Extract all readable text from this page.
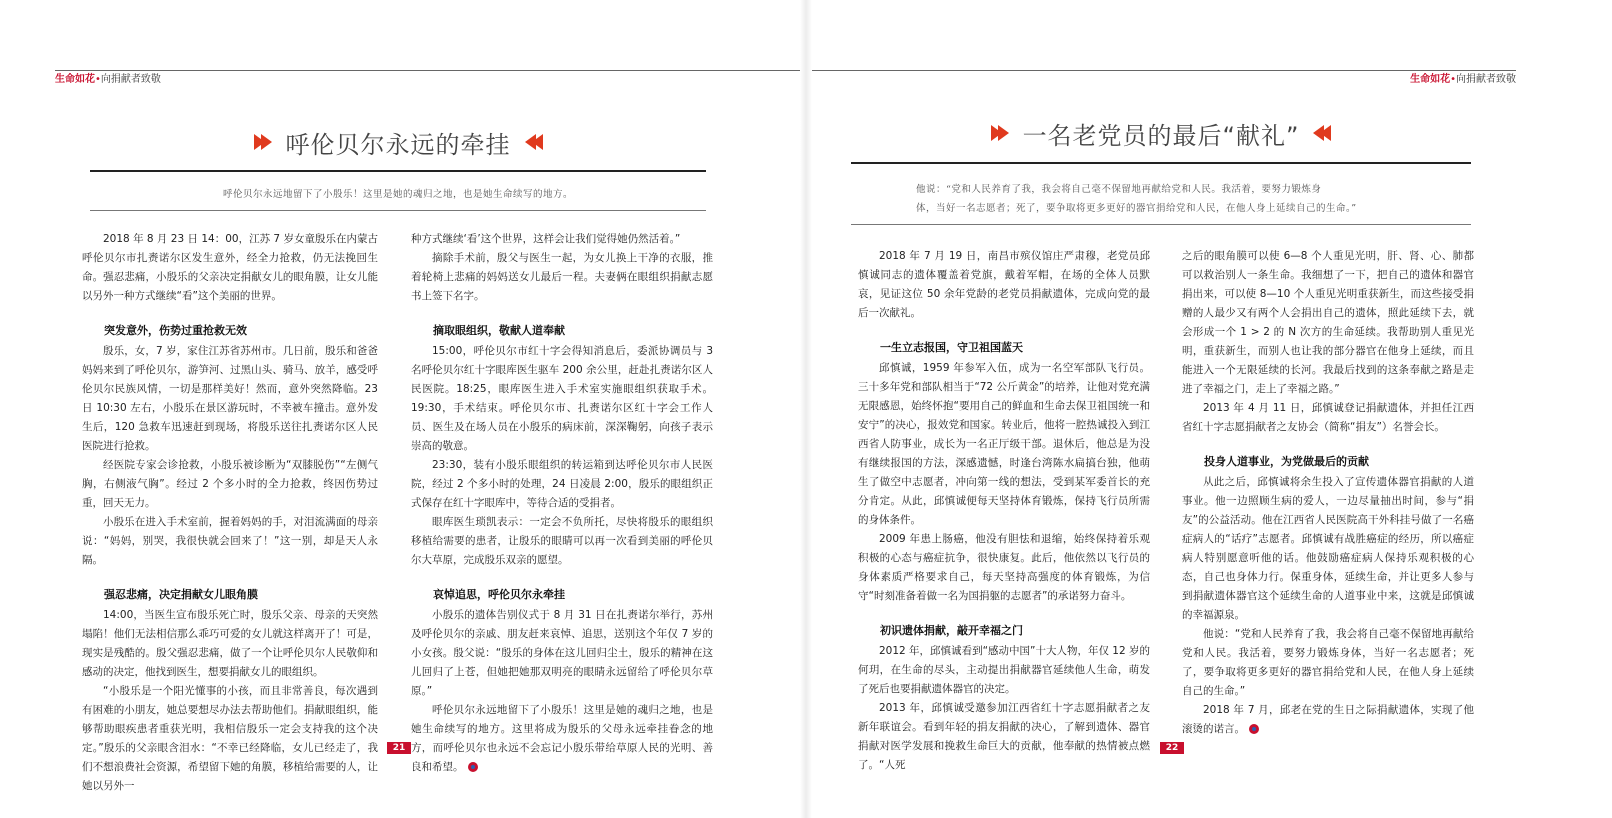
生命如花•向捐献者致敬
呼伦贝尔永远的牵挂
呼伦贝尔永远地留下了小殷乐！这里是她的魂归之地，也是她生命续写的地方。

2018 年 8 月 23 日 14：00，江苏 7 岁女童殷乐在内蒙古呼伦贝尔市扎赉诺尔区发生意外，经全力抢救，仍无法挽回生命。强忍悲痛，小殷乐的父亲决定捐献女儿的眼角膜，让女儿能以另外一种方式继续“看”这个美丽的世界。

突发意外，伤势过重抢救无效

殷乐，女，7 岁，家住江苏省苏州市。几日前，殷乐和爸爸妈妈来到了呼伦贝尔，游笋河、过黑山头、骑马、放羊，感受呼伦贝尔民族风情，一切是那样美好！然而，意外突然降临。23 日 10:30 左右，小殷乐在景区游玩时，不幸被车撞击。意外发生后，120 急救车迅速赶到现场，将殷乐送往扎赉诺尔区人民医院进行抢救。

经医院专家会诊抢救，小殷乐被诊断为“双膝脱伤”“左侧气胸，右侧液气胸”。经过 2 个多小时的全力抢救，终因伤势过重，回天无力。

小殷乐在进入手术室前，握着妈妈的手，对泪流满面的母亲说：“妈妈，别哭，我很快就会回来了！”这一别，却是天人永隔。

强忍悲痛，决定捐献女儿眼角膜

14:00，当医生宣布殷乐死亡时，殷乐父亲、母亲的天突然塌陷！他们无法相信那么乖巧可爱的女儿就这样离开了！可是，现实是残酷的。殷父强忍悲痛，做了一个让呼伦贝尔人民敬仰和感动的决定，他找到医生，想要捐献女儿的眼组织。

“小殷乐是一个阳光懂事的小孩，而且非常善良，每次遇到有困难的小朋友，她总要想尽办法去帮助他们。捐献眼组织，能够帮助眼疾患者重获光明，我相信殷乐一定会支持我的这个决定。”殷乐的父亲眼含泪水：“不幸已经降临，女儿已经走了，我们不想浪费社会资源，希望留下她的角膜，移植给需要的人，让她以另外一

种方式继续‘看’这个世界，这样会让我们觉得她仍然活着。”

摘除手术前，殷父与医生一起，为女儿换上干净的衣服，推着轮椅上悲痛的妈妈送女儿最后一程。夫妻俩在眼组织捐献志愿书上签下名字。

摘取眼组织，敬献人道奉献

15:00，呼伦贝尔市红十字会得知消息后，委派协调员与 3 名呼伦贝尔红十字眼库医生驱车 200 余公里，赶赴扎赉诺尔区人民医院。18:25，眼库医生进入手术室实施眼组织获取手术。19:30，手术结束。呼伦贝尔市、扎赉诺尔区红十字会工作人员、医生及在场人员在小殷乐的病床前，深深鞠躬，向孩子表示崇高的敬意。

23:30，装有小殷乐眼组织的转运箱到达呼伦贝尔市人民医院，经过 2 个多小时的处理，24 日凌晨 2:00，殷乐的眼组织正式保存在红十字眼库中，等待合适的受捐者。

眼库医生琐凯表示：一定会不负所托，尽快将殷乐的眼组织移植给需要的患者，让殷乐的眼睛可以再一次看到美丽的呼伦贝尔大草原，完成殷乐双亲的愿望。

哀悼追思，呼伦贝尔永牵挂

小殷乐的遗体告别仪式于 8 月 31 日在扎赉诺尔举行，苏州及呼伦贝尔的亲戚、朋友赶来哀悼、追思，送别这个年仅 7 岁的小女孩。殷父说：“殷乐的身体在这儿回归尘土，殷乐的精神在这儿回归了上苍，但她把她那双明亮的眼睛永远留给了呼伦贝尔草原。”

呼伦贝尔永远地留下了小殷乐！这里是她的魂归之地，也是她生命续写的地方。这里将成为殷乐的父母永远牵挂眷念的地方，而呼伦贝尔也永远不会忘记小殷乐带给草原人民的光明、善良和希望。

21
生命如花•向捐献者致敬
一名老党员的最后“献礼”
他说：“党和人民养育了我，我会将自己毫不保留地再献给党和人民。我活着，要努力锻炼身
体，当好一名志愿者；死了，要争取将更多更好的器官捐给党和人民，在他人身上延续自己的生命。”

2018 年 7 月 19 日，南昌市殡仪馆庄严肃穆，老党员邱慎诚同志的遗体覆盖着党旗，戴着军帽，在场的全体人员默哀，见证这位 50 余年党龄的老党员捐献遗体，完成向党的最后一次献礼。

一生立志报国，守卫祖国蓝天

邱慎诚，1959 年参军入伍，成为一名空军部队飞行员。三十多年党和部队相当于“72 公斤黄金”的培养，让他对党充满无限感恩，始终怀抱“要用自己的鲜血和生命去保卫祖国统一和安宁”的决心，报效党和国家。转业后，他将一腔热诚投入到江西省人防事业，成长为一名正厅级干部。退休后，他总是为没有继续报国的方法，深感遗憾，时逢台湾陈水扁搞台独，他萌生了做空中志愿者，冲向第一线的想法，受到某军委首长的充分肯定。从此，邱慎诚便每天坚持体育锻炼，保持飞行员所需的身体条件。

2009 年患上肠癌，他没有胆怯和退缩，始终保持着乐观积极的心态与癌症抗争，很快康复。此后，他依然以飞行员的身体素质严格要求自己，每天坚持高强度的体育锻炼，为信守“时刻准备着做一名为国捐躯的志愿者”的承诺努力奋斗。

初识遗体捐献，敲开幸福之门

2012 年，邱慎诚看到“感动中国”十大人物，年仅 12 岁的何玥，在生命的尽头，主动提出捐献器官延续他人生命，萌发了死后也要捐献遗体器官的决定。

2013 年，邱慎诚受邀参加江西省红十字志愿捐献者之友新年联谊会。看到年轻的捐友捐献的决心，了解到遗体、器官捐献对医学发展和挽救生命巨大的贡献，他奉献的热情被点燃了。“人死

之后的眼角膜可以使 6—8 个人重见光明，肝、肾、心、肺都可以救治别人一条生命。我细想了一下，把自己的遗体和器官捐出来，可以使 8—10 个人重见光明重获新生，而这些接受捐赠的人最少又有两个人会捐出自己的遗体，照此延续下去，就会形成一个 1 > 2 的 N 次方的生命延续。我帮助别人重见光明，重获新生，而别人也让我的部分器官在他身上延续，而且能进入一个无限延续的长河。我最后找到的这条奉献之路是走进了幸福之门，走上了幸福之路。”

2013 年 4 月 11 日，邱慎诚登记捐献遗体，并担任江西省红十字志愿捐献者之友协会（简称“捐友”）名誉会长。

投身人道事业，为党做最后的贡献

从此之后，邱慎诚将余生投入了宣传遗体器官捐献的人道事业。他一边照顾生病的爱人，一边尽量抽出时间，参与“捐友”的公益活动。他在江西省人民医院高干外科挂号做了一名癌症病人的“话疗”志愿者。邱慎诚有战胜癌症的经历，所以癌症病人特别愿意听他的话。他鼓励癌症病人保持乐观积极的心态，自己也身体力行。保重身体，延续生命，并让更多人参与到捐献遗体器官这个延续生命的人道事业中来，这就是邱慎诚的幸福源泉。

他说：“党和人民养育了我，我会将自己毫不保留地再献给党和人民。我活着，要努力锻炼身体，当好一名志愿者；死了，要争取将更多更好的器官捐给党和人民，在他人身上延续自己的生命。”

2018 年 7 月，邱老在党的生日之际捐献遗体，实现了他滚烫的诺言。

22
